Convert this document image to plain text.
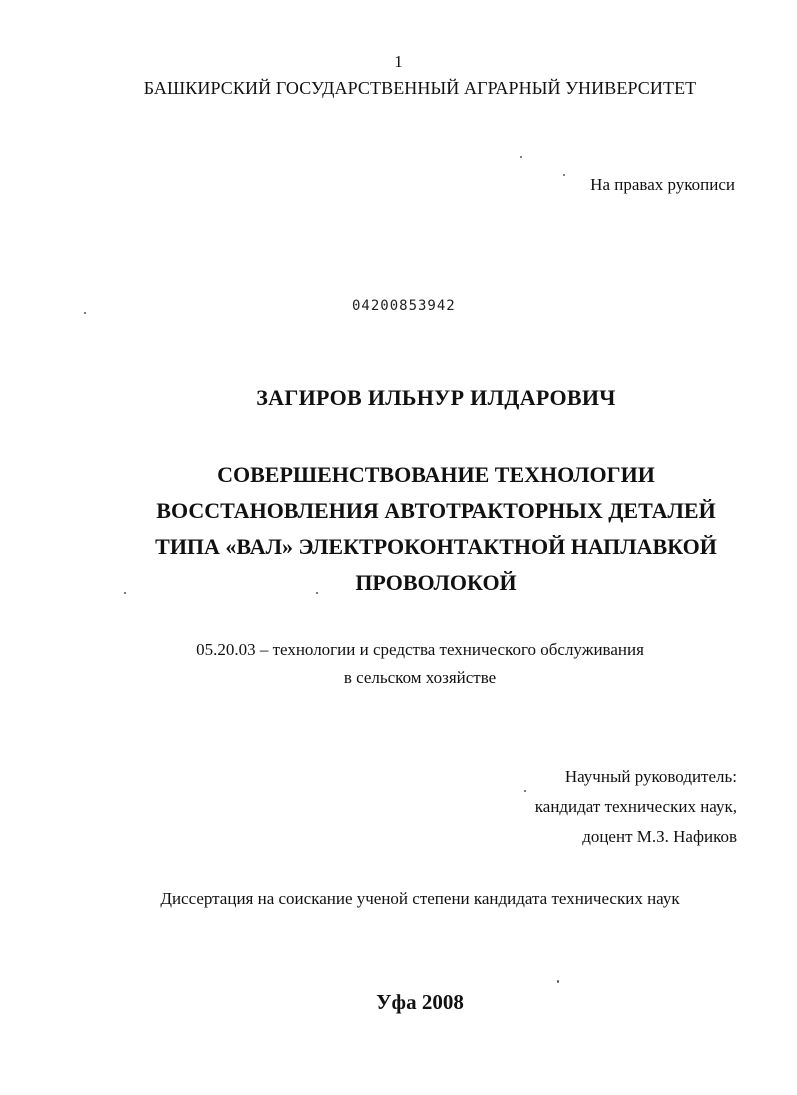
1
БАШКИРСКИЙ ГОСУДАРСТВЕННЫЙ АГРАРНЫЙ УНИВЕРСИТЕТ
На правах рукописи
04200853942
ЗАГИРОВ ИЛЬНУР ИЛДАРОВИЧ
СОВЕРШЕНСТВОВАНИЕ ТЕХНОЛОГИИ
ВОССТАНОВЛЕНИЯ АВТОТРАКТОРНЫХ ДЕТАЛЕЙ
ТИПА «ВАЛ» ЭЛЕКТРОКОНТАКТНОЙ НАПЛАВКОЙ
ПРОВОЛОКОЙ
05.20.03 – технологии и средства технического обслуживания
в сельском хозяйстве
Научный руководитель:
кандидат технических наук,
доцент М.З. Нафиков
Диссертация на соискание ученой степени кандидата технических наук
Уфа 2008
